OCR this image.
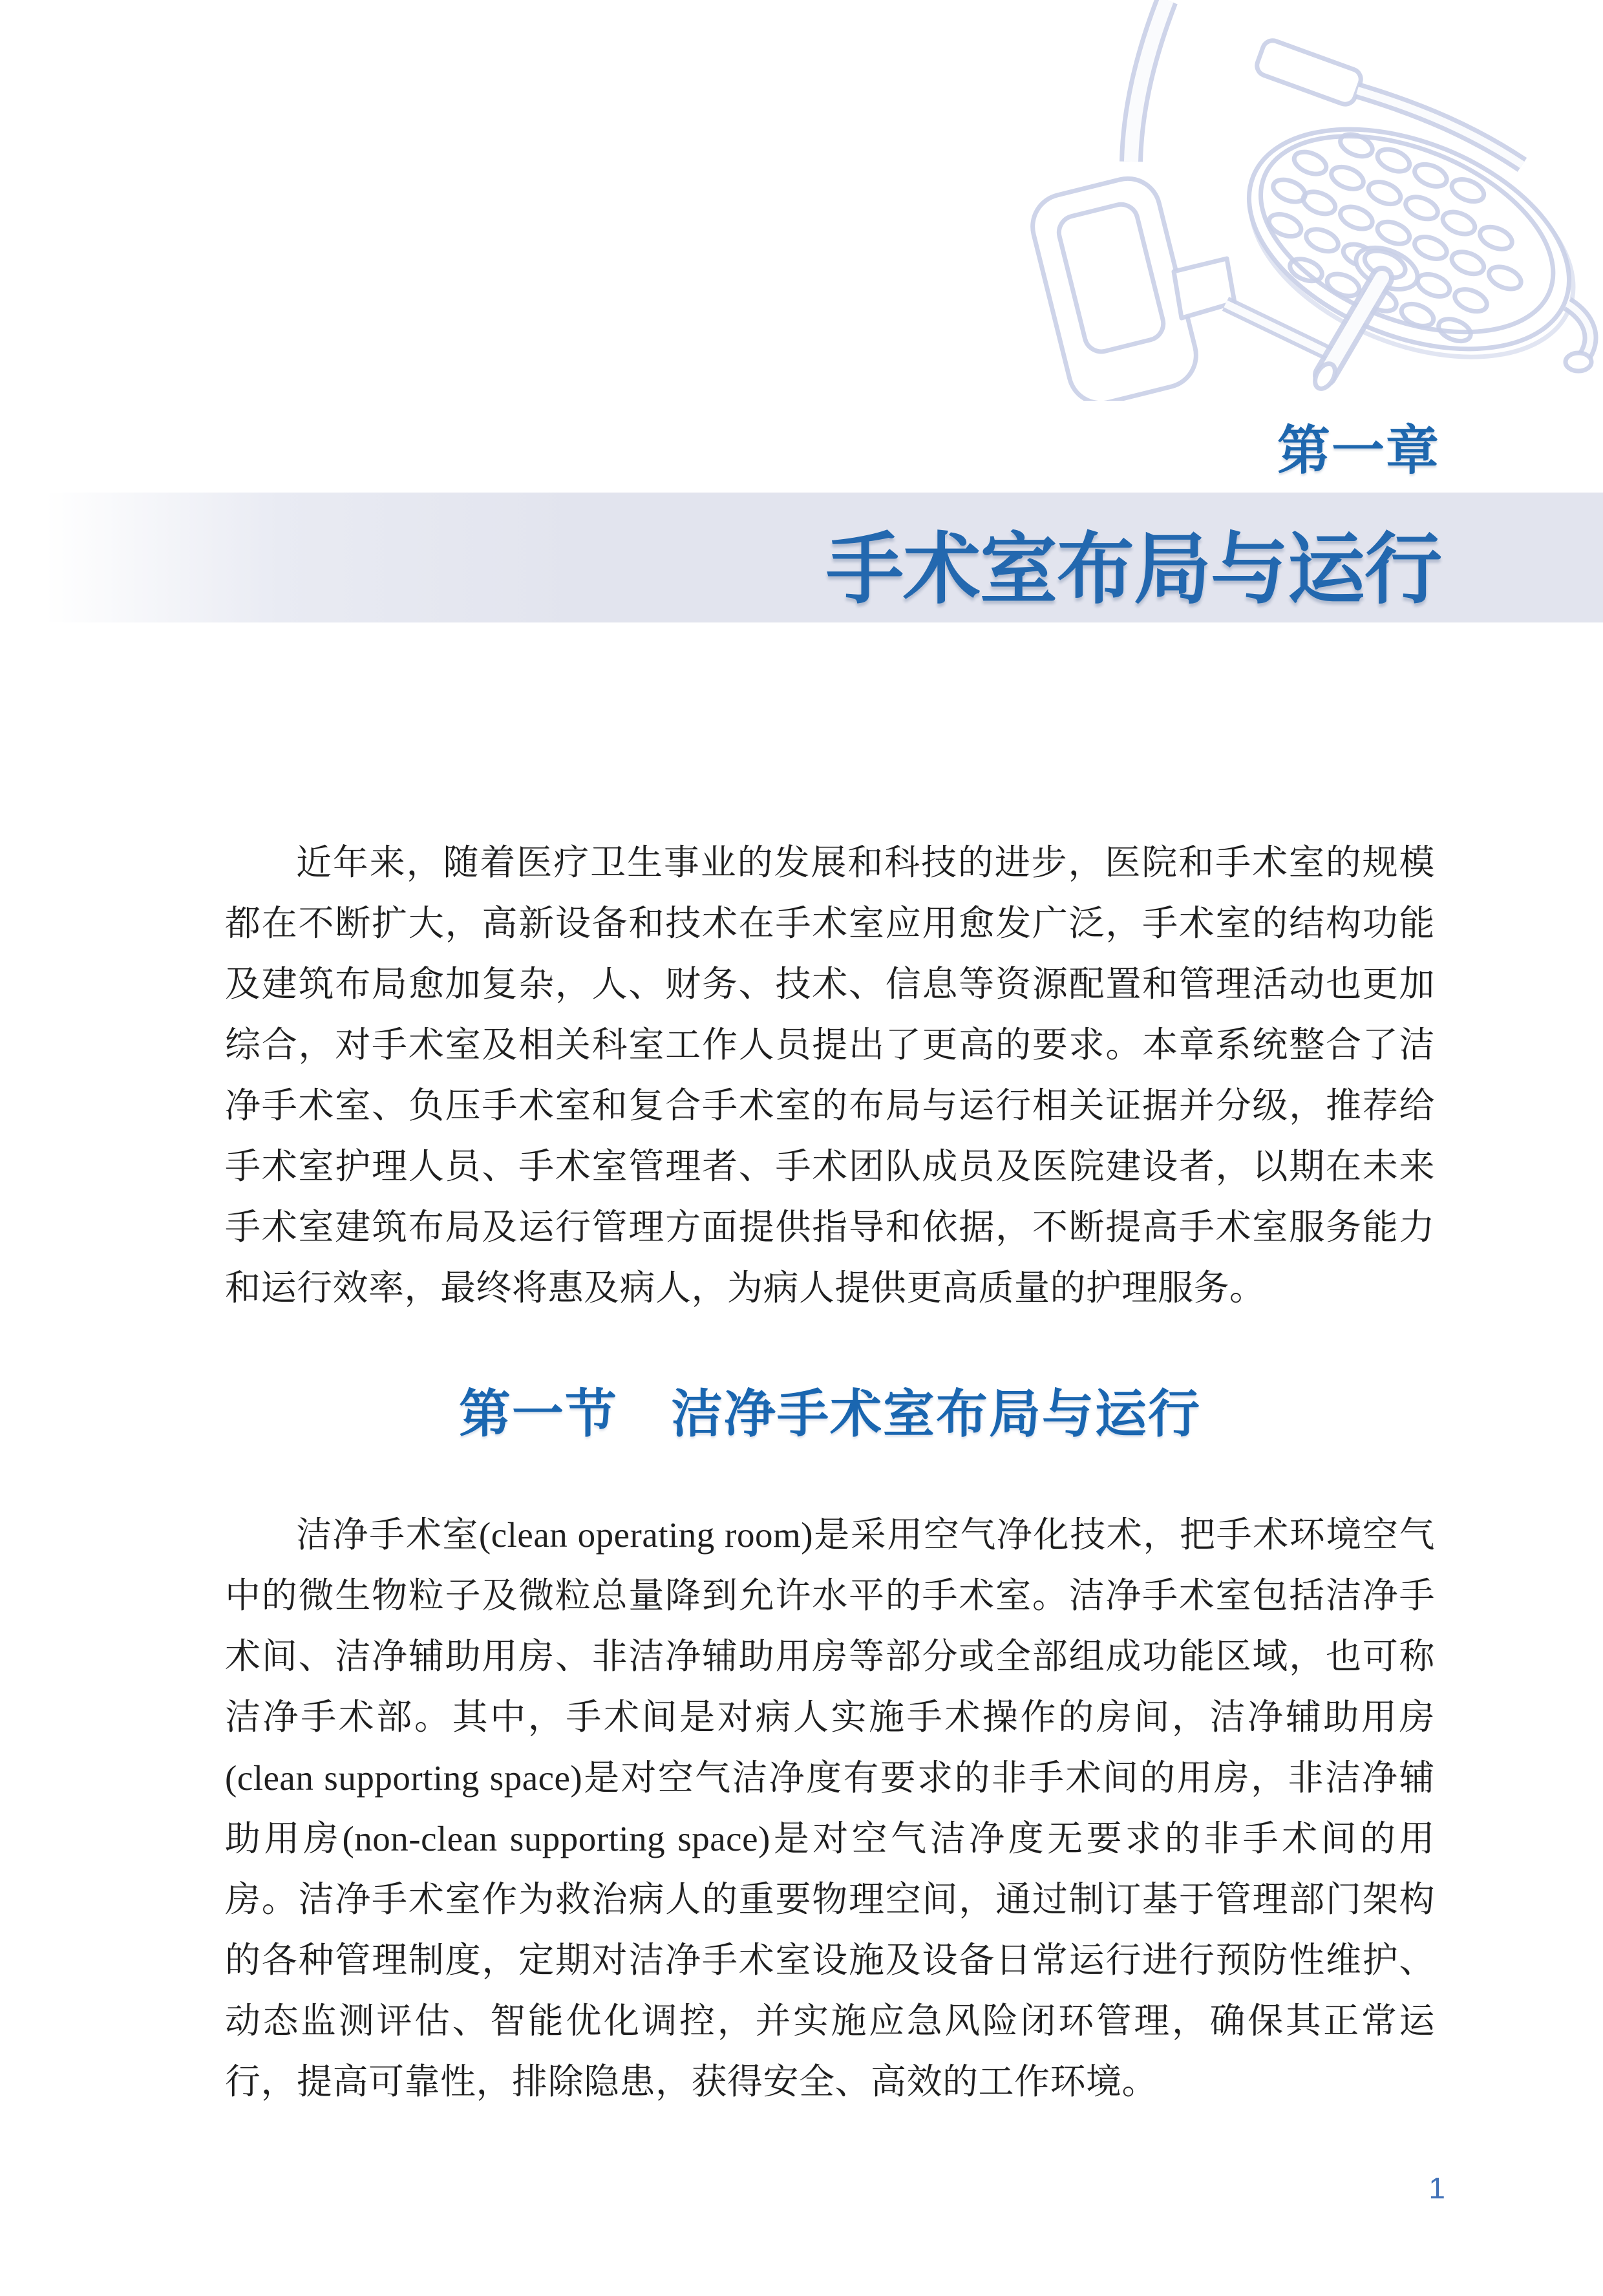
第一章
手术室布局与运行

近年来，随着医疗卫生事业的发展和科技的进步，医院和手术室的规模都在不断扩大，高新设备和技术在手术室应用愈发广泛，手术室的结构功能及建筑布局愈加复杂，人、财务、技术、信息等资源配置和管理活动也更加综合，对手术室及相关科室工作人员提出了更高的要求。本章系统整合了洁净手术室、负压手术室和复合手术室的布局与运行相关证据并分级，推荐给手术室护理人员、手术室管理者、手术团队成员及医院建设者，以期在未来手术室建筑布局及运行管理方面提供指导和依据，不断提高手术室服务能力和运行效率，最终将惠及病人，为病人提供更高质量的护理服务。

第一节　洁净手术室布局与运行

洁净手术室(clean operating room)是采用空气净化技术，把手术环境空气中的微生物粒子及微粒总量降到允许水平的手术室。洁净手术室包括洁净手术间、洁净辅助用房、非洁净辅助用房等部分或全部组成功能区域，也可称洁净手术部。其中，手术间是对病人实施手术操作的房间，洁净辅助用房(clean supporting space)是对空气洁净度有要求的非手术间的用房，非洁净辅助用房(non-clean supporting space)是对空气洁净度无要求的非手术间的用房。洁净手术室作为救治病人的重要物理空间，通过制订基于管理部门架构的各种管理制度，定期对洁净手术室设施及设备日常运行进行预防性维护、动态监测评估、智能优化调控，并实施应急风险闭环管理，确保其正常运行，提高可靠性，排除隐患，获得安全、高效的工作环境。

1
